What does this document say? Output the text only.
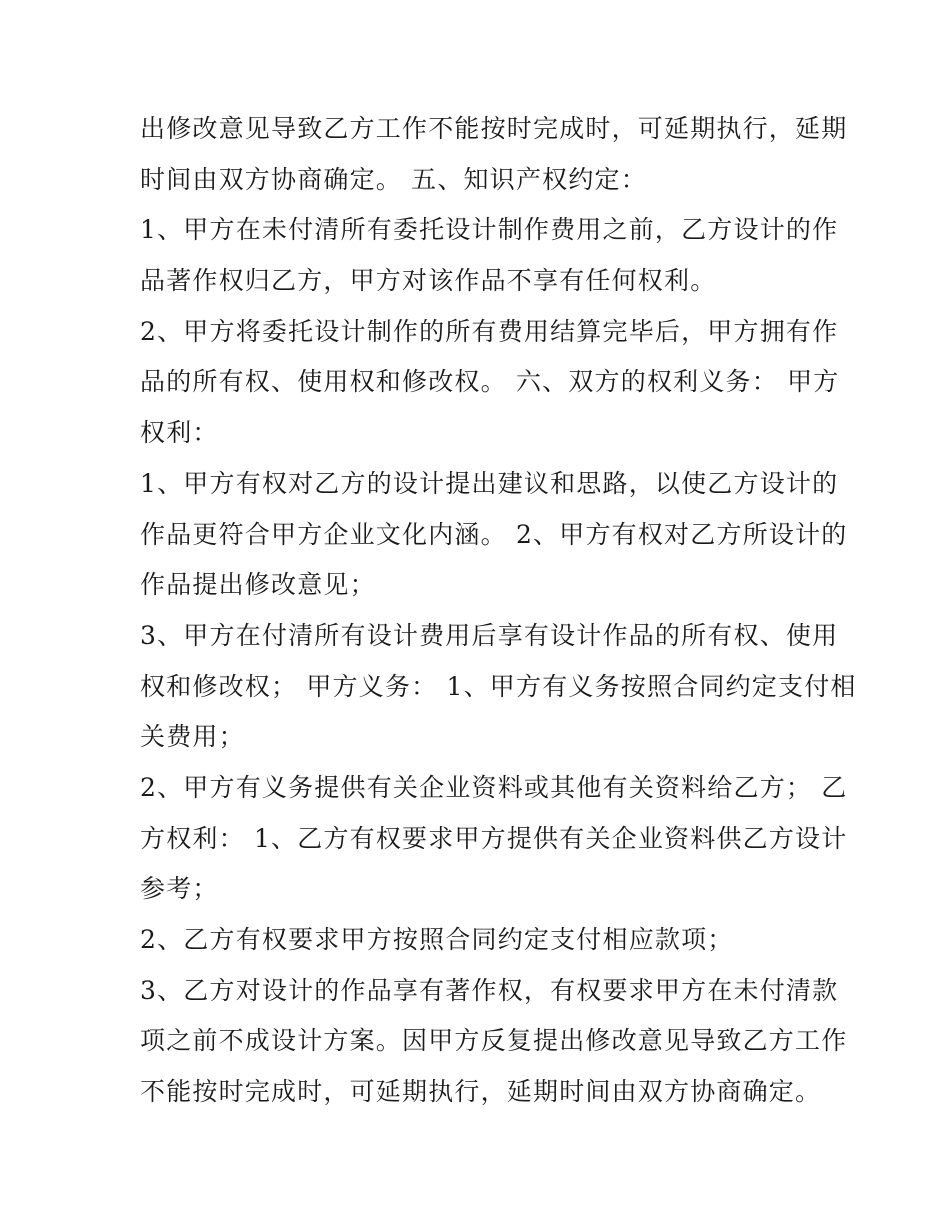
出修改意见导致乙方工作不能按时完成时，可延期执行，延期
时间由双方协商确定。 五、知识产权约定：
1、甲方在未付清所有委托设计制作费用之前，乙方设计的作
品著作权归乙方，甲方对该作品不享有任何权利。
2、甲方将委托设计制作的所有费用结算完毕后，甲方拥有作
品的所有权、使用权和修改权。 六、双方的权利义务： 甲方
权利：
1、甲方有权对乙方的设计提出建议和思路，以使乙方设计的
作品更符合甲方企业文化内涵。 2、甲方有权对乙方所设计的
作品提出修改意见；
3、甲方在付清所有设计费用后享有设计作品的所有权、使用
权和修改权； 甲方义务： 1、甲方有义务按照合同约定支付相
关费用；
2、甲方有义务提供有关企业资料或其他有关资料给乙方； 乙
方权利： 1、乙方有权要求甲方提供有关企业资料供乙方设计
参考；
2、乙方有权要求甲方按照合同约定支付相应款项；
3、乙方对设计的作品享有著作权，有权要求甲方在未付清款
项之前不成设计方案。因甲方反复提出修改意见导致乙方工作
不能按时完成时，可延期执行，延期时间由双方协商确定。
